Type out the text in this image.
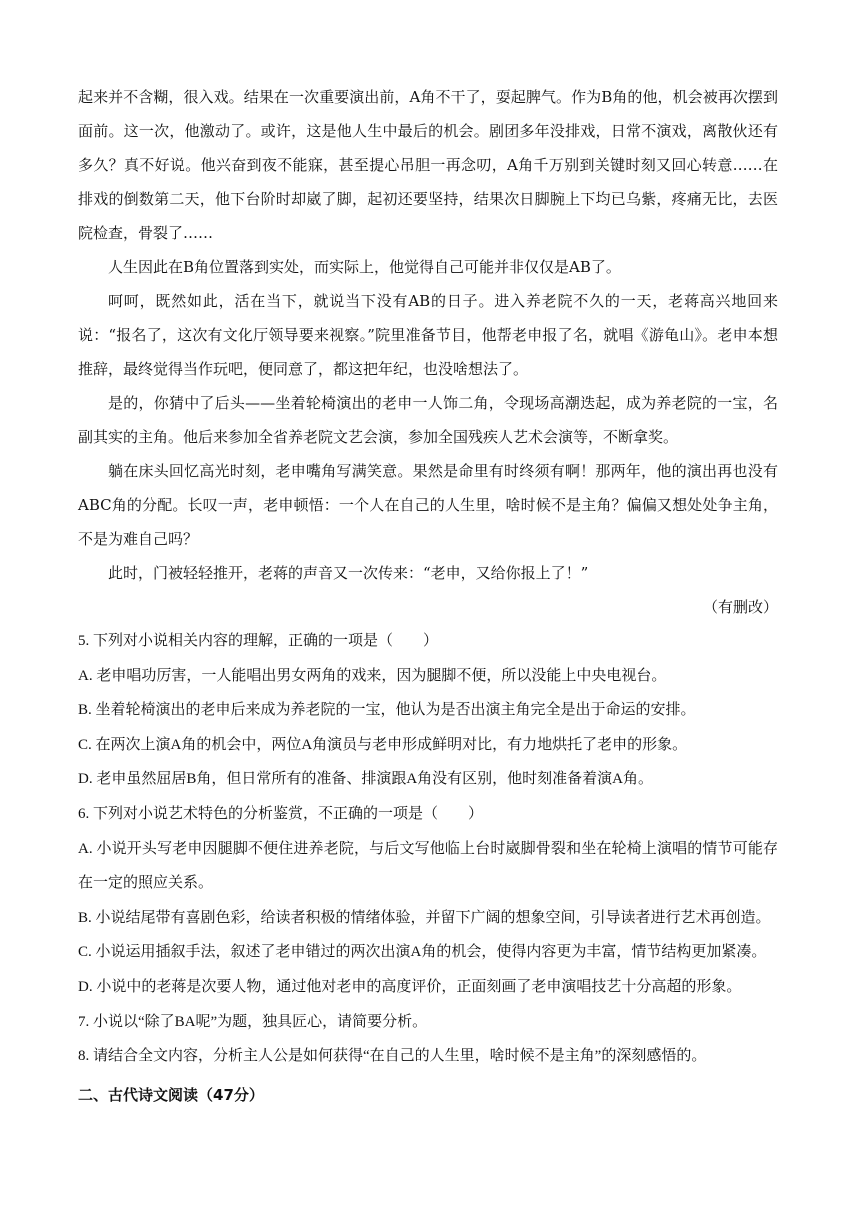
起来并不含糊，很入戏。结果在一次重要演出前，A角不干了，耍起脾气。作为B角的他，机会被再次摆到面前。这一次，他激动了。或许，这是他人生中最后的机会。剧团多年没排戏，日常不演戏，离散伙还有多久？真不好说。他兴奋到夜不能寐，甚至提心吊胆一再念叨，A角千万别到关键时刻又回心转意……在排戏的倒数第二天，他下台阶时却崴了脚，起初还要坚持，结果次日脚腕上下均已乌紫，疼痛无比，去医院检查，骨裂了……

人生因此在B角位置落到实处，而实际上，他觉得自己可能并非仅仅是AB了。

呵呵，既然如此，活在当下，就说当下没有AB的日子。进入养老院不久的一天，老蒋高兴地回来说：“报名了，这次有文化厅领导要来视察。”院里准备节目，他帮老申报了名，就唱《游龟山》。老申本想推辞，最终觉得当作玩吧，便同意了，都这把年纪，也没啥想法了。

是的，你猜中了后头——坐着轮椅演出的老申一人饰二角，令现场高潮迭起，成为养老院的一宝，名副其实的主角。他后来参加全省养老院文艺会演，参加全国残疾人艺术会演等，不断拿奖。

躺在床头回忆高光时刻，老申嘴角写满笑意。果然是命里有时终须有啊！那两年，他的演出再也没有ABC角的分配。长叹一声，老申顿悟：一个人在自己的人生里，啥时候不是主角？偏偏又想处处争主角，不是为难自己吗？

此时，门被轻轻推开，老蒋的声音又一次传来：“老申，又给你报上了！”

（有删改）

5. 下列对小说相关内容的理解，正确的一项是（　　）

A. 老申唱功厉害，一人能唱出男女两角的戏来，因为腿脚不便，所以没能上中央电视台。

B. 坐着轮椅演出的老申后来成为养老院的一宝，他认为是否出演主角完全是出于命运的安排。

C. 在两次上演A角的机会中，两位A角演员与老申形成鲜明对比，有力地烘托了老申的形象。

D. 老申虽然屈居B角，但日常所有的准备、排演跟A角没有区别，他时刻准备着演A角。

6. 下列对小说艺术特色的分析鉴赏，不正确的一项是（　　）

A. 小说开头写老申因腿脚不便住进养老院，与后文写他临上台时崴脚骨裂和坐在轮椅上演唱的情节可能存在一定的照应关系。

B. 小说结尾带有喜剧色彩，给读者积极的情绪体验，并留下广阔的想象空间，引导读者进行艺术再创造。

C. 小说运用插叙手法，叙述了老申错过的两次出演A角的机会，使得内容更为丰富，情节结构更加紧凑。

D. 小说中的老蒋是次要人物，通过他对老申的高度评价，正面刻画了老申演唱技艺十分高超的形象。

7. 小说以“除了BA呢”为题，独具匠心，请简要分析。

8. 请结合全文内容，分析主人公是如何获得“在自己的人生里，啥时候不是主角”的深刻感悟的。

二、古代诗文阅读（47分）
